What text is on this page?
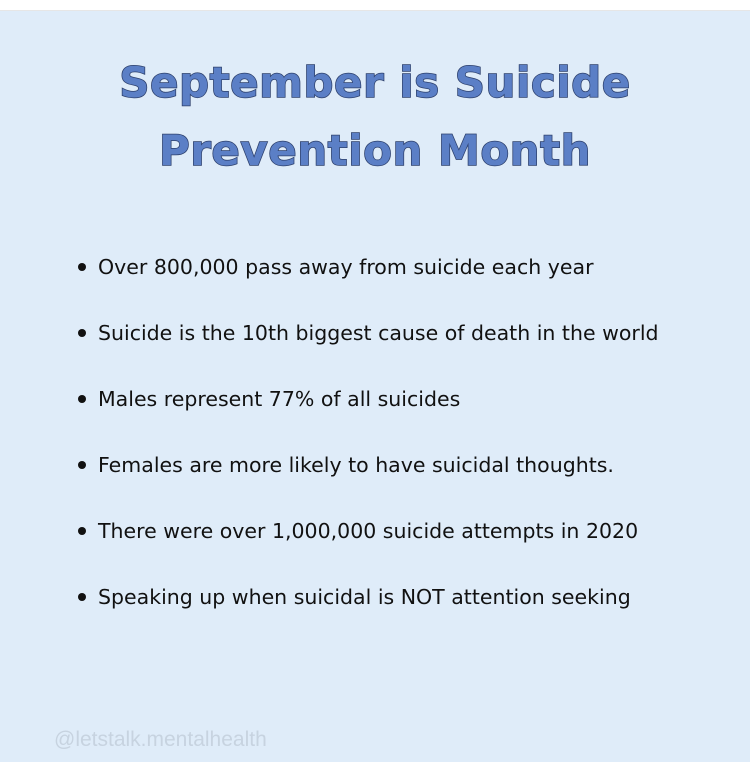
September is Suicide
Prevention Month
Over 800,000 pass away from suicide each year
Suicide is the 10th biggest cause of death in the world
Males represent 77% of all suicides
Females are more likely to have suicidal thoughts.
There were over 1,000,000 suicide attempts in 2020
Speaking up when suicidal is NOT attention seeking
@letstalk.mentalhealth
